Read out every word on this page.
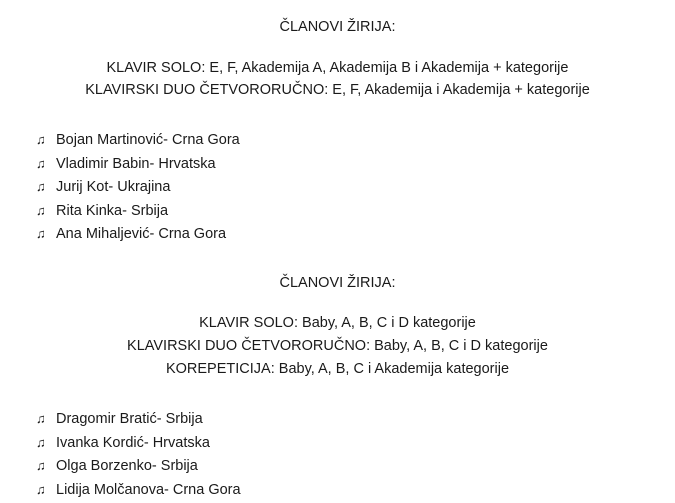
ČLANOVI ŽIRIJA:
KLAVIR SOLO: E, F, Akademija A, Akademija B i Akademija + kategorije
KLAVIRSKI DUO ČETVORORUČNO: E, F, Akademija i Akademija + kategorije
♫ Bojan Martinović- Crna Gora
♫ Vladimir Babin- Hrvatska
♫ Jurij Kot- Ukrajina
♫ Rita Kinka- Srbija
♫ Ana Mihaljević- Crna Gora
ČLANOVI ŽIRIJA:
KLAVIR SOLO: Baby, A, B, C i D kategorije
KLAVIRSKI DUO ČETVORORUČNO: Baby, A, B, C i D kategorije
KOREPETICIJA: Baby, A, B, C i Akademija kategorije
♫ Dragomir Bratić- Srbija
♫ Ivanka Kordić- Hrvatska
♫ Olga Borzenko- Srbija
♫ Lidija Molčanova- Crna Gora
